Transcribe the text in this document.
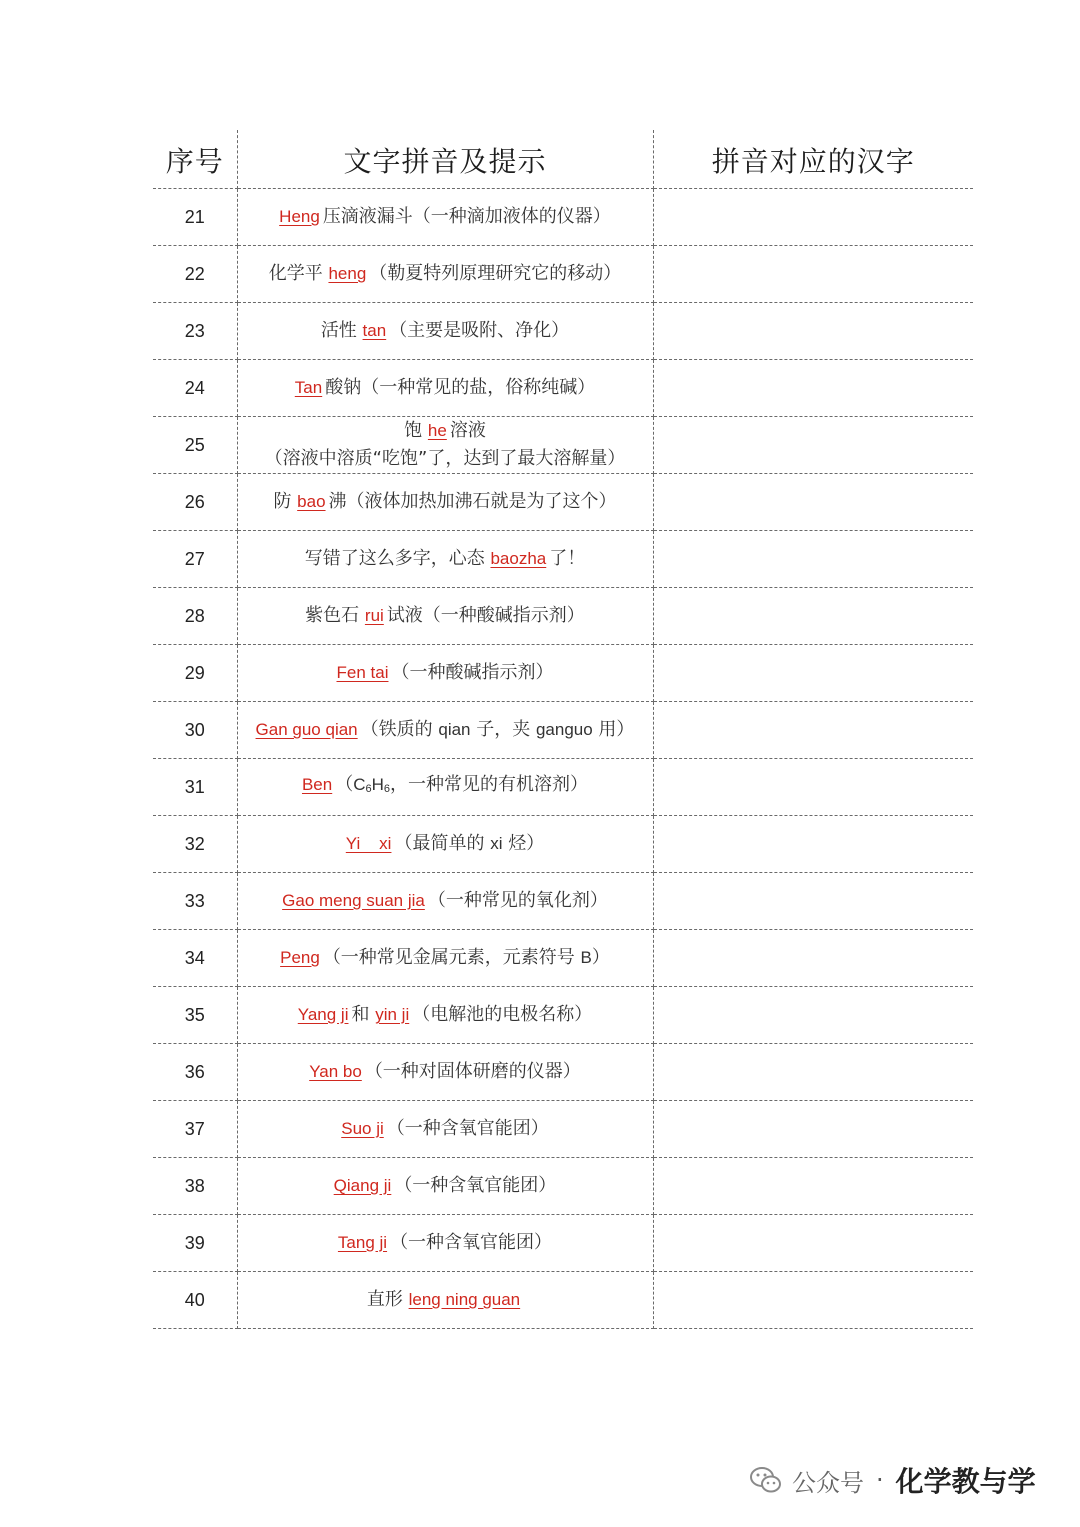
序号	文字拼音及提示	拼音对应的汉字
21	Heng 压滴液漏斗（一种滴加液体的仪器）	
22	化学平 heng （勒夏特列原理研究它的移动）	
23	活性 tan （主要是吸附、净化）	
24	Tan 酸钠（一种常见的盐，俗称纯碱）	
25	饱 he 溶液
（溶液中溶质“吃饱”了，达到了最大溶解量）	
26	防 bao 沸（液体加热加沸石就是为了这个）	
27	写错了这么多字，心态 baozha 了！	
28	紫色石 rui 试液（一种酸碱指示剂）	
29	Fen tai （一种酸碱指示剂）	
30	Gan guo qian （铁质的 qian 子，夹 ganguo 用）	
31	Ben （$C_6H_6$，一种常见的有机溶剂）	
32	Yi    xi （最简单的 xi 烃）	
33	Gao meng suan jia （一种常见的氧化剂）	
34	Peng （一种常见金属元素，元素符号 B）	
35	Yang ji 和 yin ji （电解池的电极名称）	
36	Yan bo （一种对固体研磨的仪器）	
37	Suo ji （一种含氧官能团）	
38	Qiang ji （一种含氧官能团）	
39	Tang ji （一种含氧官能团）	
40	直形 leng ning guan	
公众号 · 化学教与学
